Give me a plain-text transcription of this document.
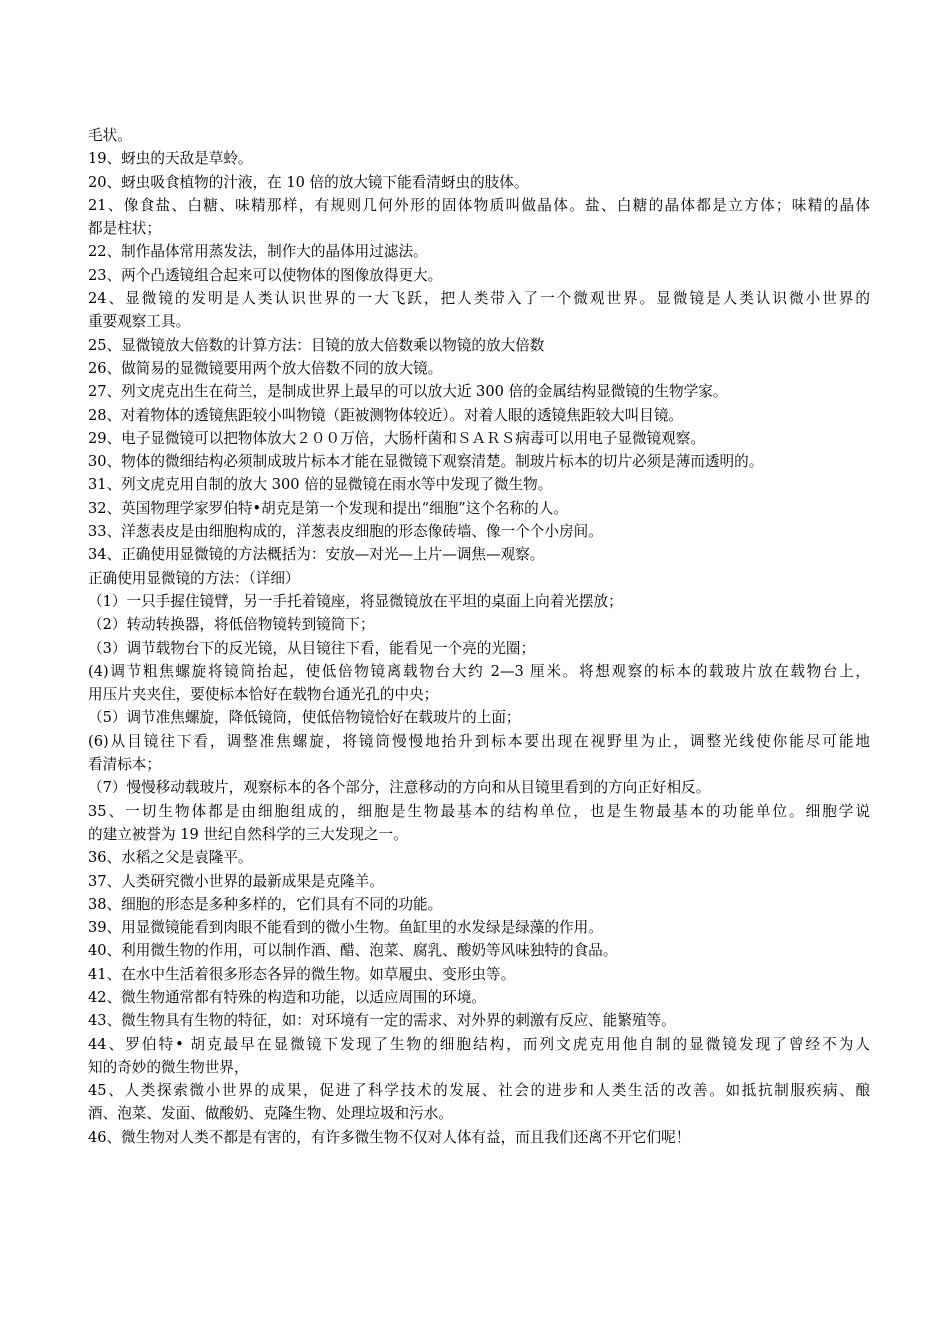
毛状。
19、蚜虫的天敌是草蛉。
20、蚜虫吸食植物的汁液，在 10 倍的放大镜下能看清蚜虫的肢体。
21、像食盐、白糖、味精那样，有规则几何外形的固体物质叫做晶体。盐、白糖的晶体都是立方体；味精的晶体
都是柱状；
22、制作晶体常用蒸发法，制作大的晶体用过滤法。
23、两个凸透镜组合起来可以使物体的图像放得更大。
24、显微镜的发明是人类认识世界的一大飞跃，把人类带入了一个微观世界。显微镜是人类认识微小世界的
重要观察工具。
25、显微镜放大倍数的计算方法：目镜的放大倍数乘以物镜的放大倍数
26、做简易的显微镜要用两个放大倍数不同的放大镜。
27、列文虎克出生在荷兰，是制成世界上最早的可以放大近 300 倍的金属结构显微镜的生物学家。
28、对着物体的透镜焦距较小叫物镜（距被测物体较近）。对着人眼的透镜焦距较大叫目镜。
29、电子显微镜可以把物体放大２００万倍，大肠杆菌和ＳＡＲＳ病毒可以用电子显微镜观察。
30、物体的微细结构必须制成玻片标本才能在显微镜下观察清楚。制玻片标本的切片必须是薄而透明的。
31、列文虎克用自制的放大 300 倍的显微镜在雨水等中发现了微生物。
32、英国物理学家罗伯特•胡克是第一个发现和提出“细胞”这个名称的人。
33、洋葱表皮是由细胞构成的，洋葱表皮细胞的形态像砖墙、像一个个小房间。
34、正确使用显微镜的方法概括为：安放—对光—上片—调焦—观察。
正确使用显微镜的方法：（详细）
（1）一只手握住镜臂，另一手托着镜座，将显微镜放在平坦的桌面上向着光摆放；
（2）转动转换器，将低倍物镜转到镜筒下；
（3）调节载物台下的反光镜，从目镜往下看，能看见一个亮的光圈；
(4)调节粗焦螺旋将镜筒抬起，使低倍物镜离载物台大约 2—3 厘米。将想观察的标本的载玻片放在载物台上，
用压片夹夹住，要使标本恰好在载物台通光孔的中央；
（5）调节准焦螺旋，降低镜筒，使低倍物镜恰好在载玻片的上面；
(6)从目镜往下看，调整准焦螺旋，将镜筒慢慢地抬升到标本要出现在视野里为止，调整光线使你能尽可能地
看清标本；
（7）慢慢移动载玻片，观察标本的各个部分，注意移动的方向和从目镜里看到的方向正好相反。
35、一切生物体都是由细胞组成的，细胞是生物最基本的结构单位，也是生物最基本的功能单位。细胞学说
的建立被誉为 19 世纪自然科学的三大发现之一。
36、水稻之父是袁隆平。
37、人类研究微小世界的最新成果是克隆羊。
38、细胞的形态是多种多样的，它们具有不同的功能。
39、用显微镜能看到肉眼不能看到的微小生物。鱼缸里的水发绿是绿藻的作用。
40、利用微生物的作用，可以制作酒、醋、泡菜、腐乳、酸奶等风味独特的食品。
41、在水中生活着很多形态各异的微生物。如草履虫、变形虫等。
42、微生物通常都有特殊的构造和功能，以适应周围的环境。
43、微生物具有生物的特征，如：对环境有一定的需求、对外界的刺激有反应、能繁殖等。
44、罗伯特• 胡克最早在显微镜下发现了生物的细胞结构，而列文虎克用他自制的显微镜发现了曾经不为人
知的奇妙的微生物世界，
45、人类探索微小世界的成果，促进了科学技术的发展、社会的进步和人类生活的改善。如抵抗制服疾病、酿
酒、泡菜、发面、做酸奶、克隆生物、处理垃圾和污水。
46、微生物对人类不都是有害的，有许多微生物不仅对人体有益，而且我们还离不开它们呢！
